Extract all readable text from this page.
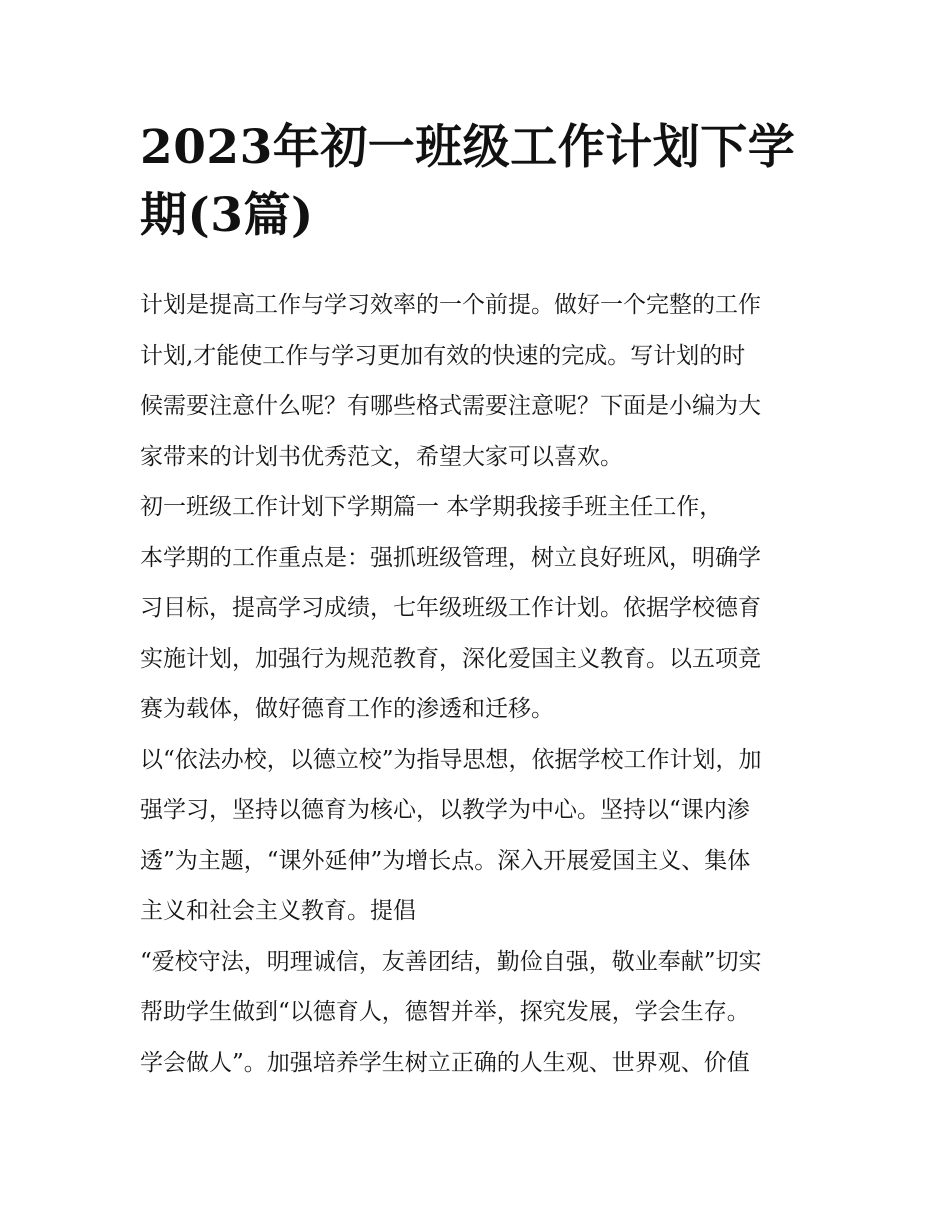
2023年初一班级工作计划下学
期(3篇)
计划是提高工作与学习效率的一个前提。做好一个完整的工作
计划,才能使工作与学习更加有效的快速的完成。写计划的时
候需要注意什么呢？有哪些格式需要注意呢？下面是小编为大
家带来的计划书优秀范文，希望大家可以喜欢。
初一班级工作计划下学期篇一 本学期我接手班主任工作，
本学期的工作重点是：强抓班级管理，树立良好班风，明确学
习目标，提高学习成绩，七年级班级工作计划。依据学校德育
实施计划，加强行为规范教育，深化爱国主义教育。以五项竞
赛为载体，做好德育工作的渗透和迁移。
以“依法办校，以德立校”为指导思想，依据学校工作计划，加
强学习，坚持以德育为核心，以教学为中心。坚持以“课内渗
透”为主题，“课外延伸”为增长点。深入开展爱国主义、集体
主义和社会主义教育。提倡
“爱校守法，明理诚信，友善团结，勤俭自强，敬业奉献”切实
帮助学生做到“以德育人，德智并举，探究发展，学会生存。
学会做人”。加强培养学生树立正确的人生观、世界观、价值
